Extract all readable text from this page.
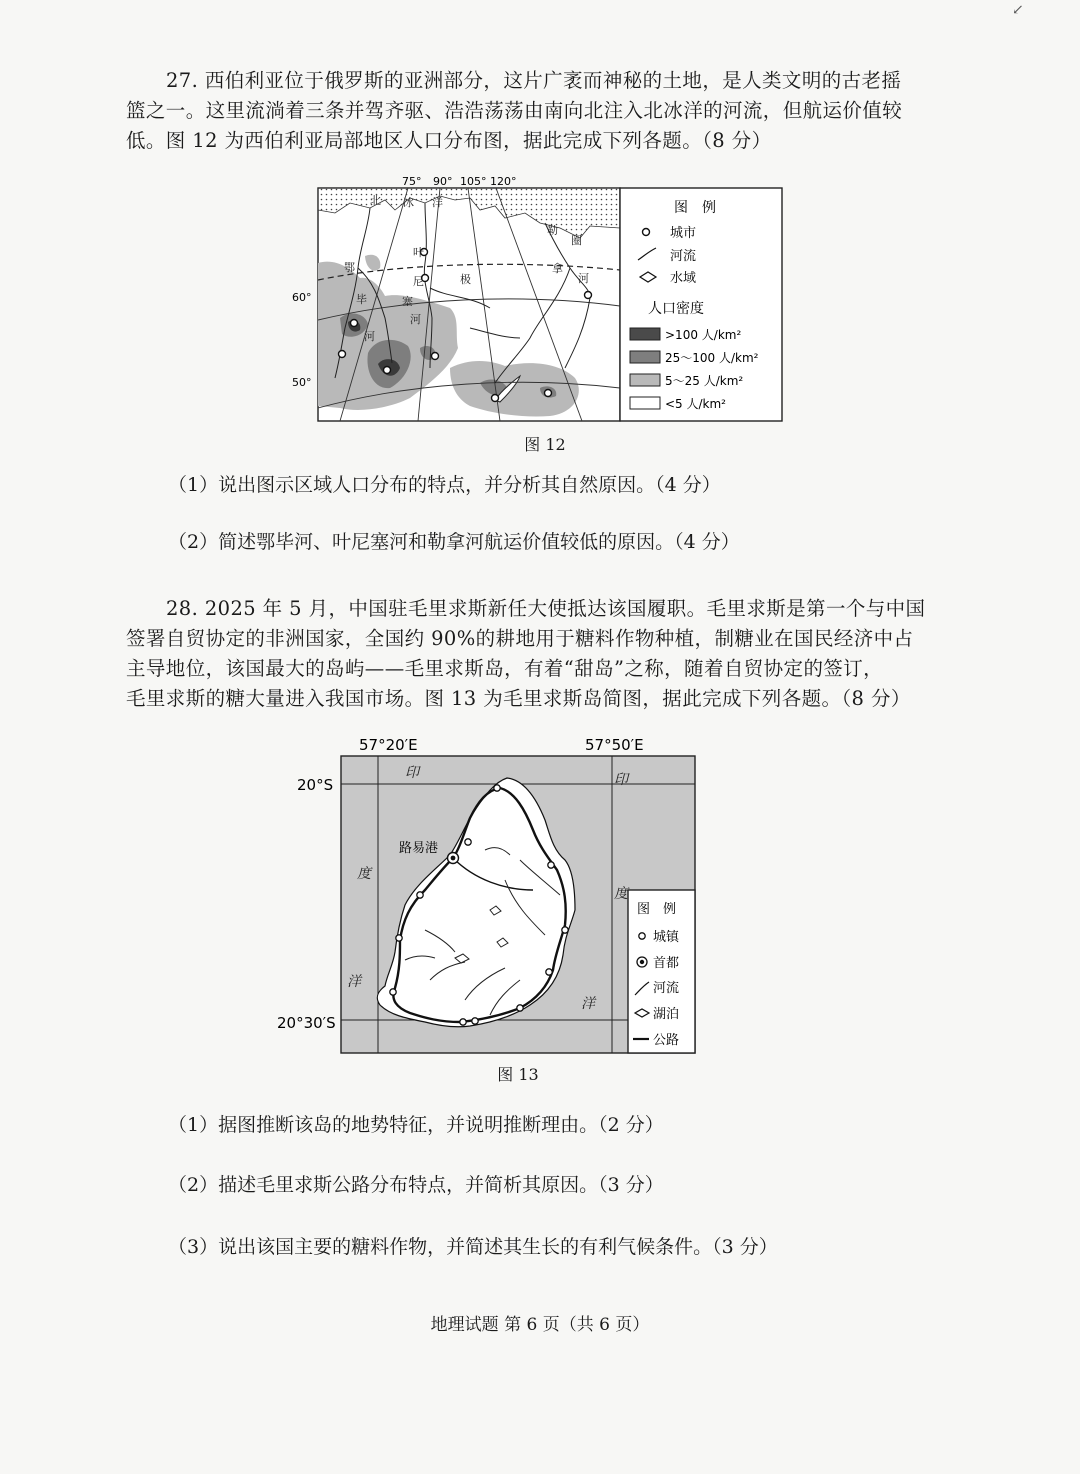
↙

27. 西伯利亚位于俄罗斯的亚洲部分，这片广袤而神秘的土地，是人类文明的古老摇
篮之一。这里流淌着三条并驾齐驱、浩浩荡荡由南向北注入北冰洋的河流，但航运价值较
低。图 12 为西伯利亚局部地区人口分布图，据此完成下列各题。（8 分）

75° 90° 105° 120°
60°
50°
北 冰 洋
鄂
毕
河
叶
尼
塞
河
极
圈
勒
拿
河
图　例
城市
河流
水域
人口密度
>100 人/km²
25～100 人/km²
5～25 人/km²
<5 人/km²

图 12

（1）说出图示区域人口分布的特点，并分析其自然原因。（4 分）

（2）简述鄂毕河、叶尼塞河和勒拿河航运价值较低的原因。（4 分）

28. 2025 年 5 月，中国驻毛里求斯新任大使抵达该国履职。毛里求斯是第一个与中国
签署自贸协定的非洲国家，全国约 90%的耕地用于糖料作物种植，制糖业在国民经济中占
主导地位，该国最大的岛屿——毛里求斯岛，有着“甜岛”之称，随着自贸协定的签订，
毛里求斯的糖大量进入我国市场。图 13 为毛里求斯岛简图，据此完成下列各题。（8 分）

57°20′E	57°50′E
20°S
20°30′S
印
度
洋
印
度
洋
路易港
图　例
城镇
首都
河流
湖泊
公路

图 13

（1）据图推断该岛的地势特征，并说明推断理由。（2 分）

（2）描述毛里求斯公路分布特点，并简析其原因。（3 分）

（3）说出该国主要的糖料作物，并简述其生长的有利气候条件。（3 分）

地理试题 第 6 页（共 6 页）
